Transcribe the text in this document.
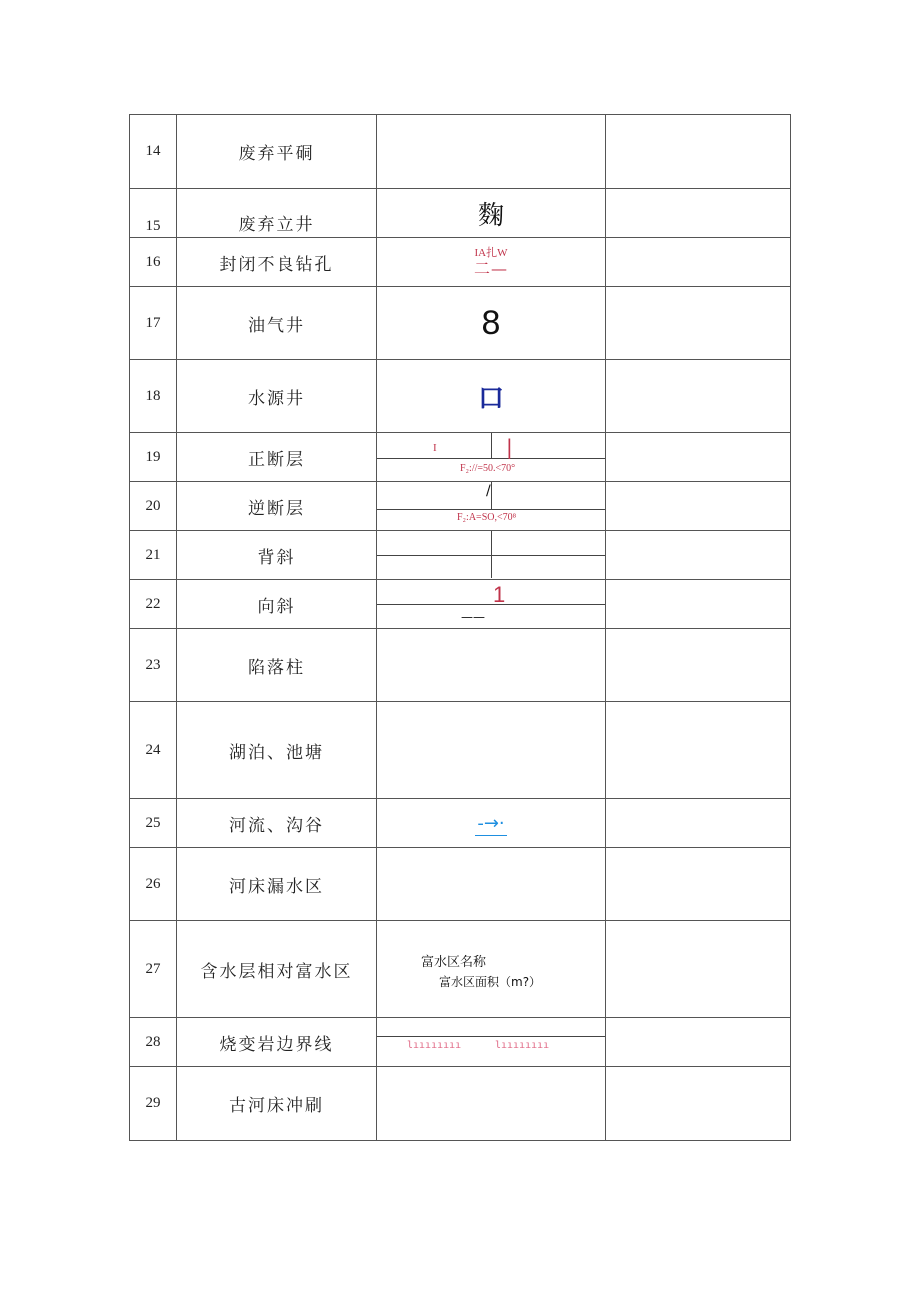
14	废弃平硐		
15	废弃立井	麴	
16	封闭不良钻孔	IA扎W
二—	

17	油气井	8	
18	水源井	口	
19	正断层	I |
F₂://=50.<70°	

20	逆断层	/
F₂:A=SO,<70⁸	

21	背斜	

22	向斜	1
——	

23	陷落柱		
24	湖泊、池塘		
25	河流、沟谷	-→·	
26	河床漏水区		
27	含水层相对富水区	富水区名称
富水区面积（m?）	

28	烧变岩边界线	lıııııııı lıııııııı	

29	古河床冲刷		
